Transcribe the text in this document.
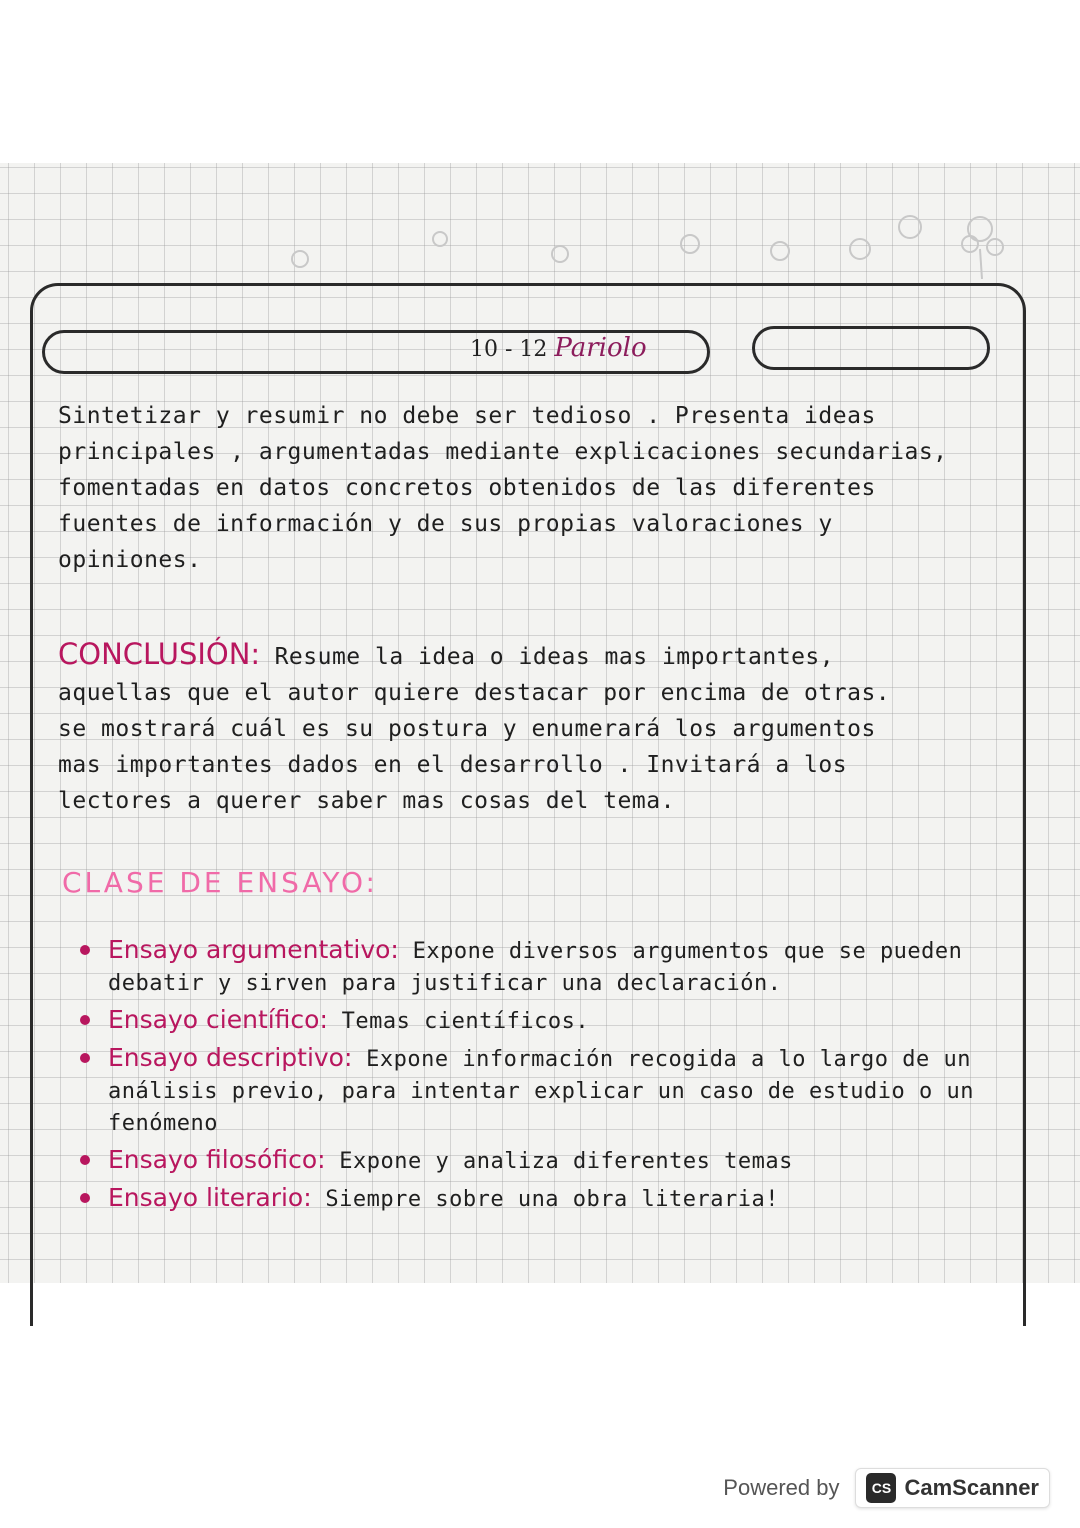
10 - 12 Pariolo
Sintetizar y resumir no debe ser tedioso . Presenta ideas
principales , argumentadas mediante explicaciones secundarias,
fomentadas en datos concretos obtenidos de las diferentes
fuentes de información y de sus propias valoraciones y
opiniones.
CONCLUSIÓN: Resume la idea o ideas mas importantes,
aquellas que el autor quiere destacar por encima de otras.
se mostrará cuál es su postura y enumerará los argumentos
mas importantes dados en el desarrollo . Invitará a los
lectores a querer saber mas cosas del tema.
CLASE DE ENSAYO:
Ensayo argumentativo: Expone diversos argumentos que se pueden debatir y sirven para justificar una declaración.
Ensayo científico: Temas científicos.
Ensayo descriptivo: Expone información recogida a lo largo de un análisis previo, para intentar explicar un caso de estudio o un fenómeno
Ensayo filosófico: Expone y analiza diferentes temas
Ensayo literario: Siempre sobre una obra literaria!
Powered by	CS CamScanner
